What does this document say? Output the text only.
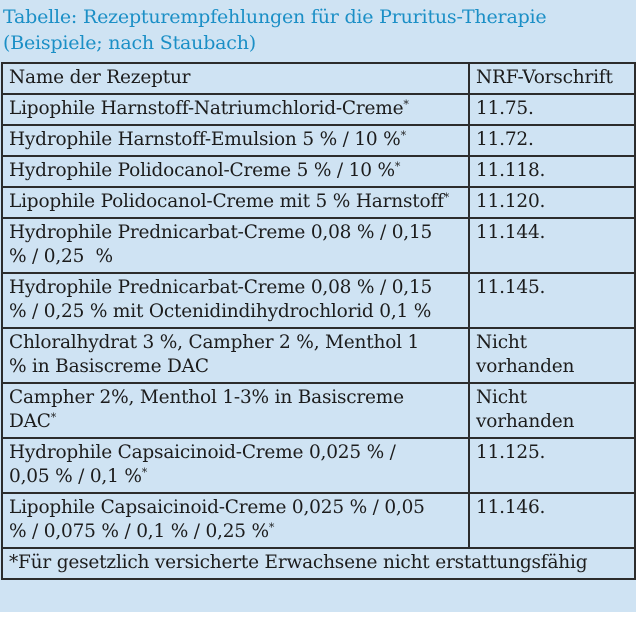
Tabelle: Rezepturempfehlungen für die Pruritus-Therapie
(Beispiele; nach Staubach)
Name der Rezeptur	NRF-Vorschrift
Lipophile Harnstoff-Natriumchlorid-Creme*	11.75.
Hydrophile Harnstoff-Emulsion 5 % / 10 %*	11.72.
Hydrophile Polidocanol-Creme 5 % / 10 %*	11.118.
Lipophile Polidocanol-Creme mit 5 % Harnstoff*	11.120.

Hydrophile Prednicarbat-Creme 0,08 % / 0,15
% / 0,25  %	11.144.

Hydrophile Prednicarbat-Creme 0,08 % / 0,15
% / 0,25 % mit Octenidindihydrochlorid 0,1 %	11.145.

Chloralhydrat 3 %, Campher 2 %, Menthol 1
% in Basiscreme DAC	Nicht vorhanden

Campher 2%, Menthol 1-3% in Basiscreme
DAC*	Nicht vorhanden

Hydrophile Capsaicinoid-Creme 0,025 % /
0,05 % / 0,1 %*	11.125.

Lipophile Capsaicinoid-Creme 0,025 % / 0,05
% / 0,075 % / 0,1 % / 0,25 %*	11.146.
*Für gesetzlich versicherte Erwachsene nicht erstattungsfähig	
